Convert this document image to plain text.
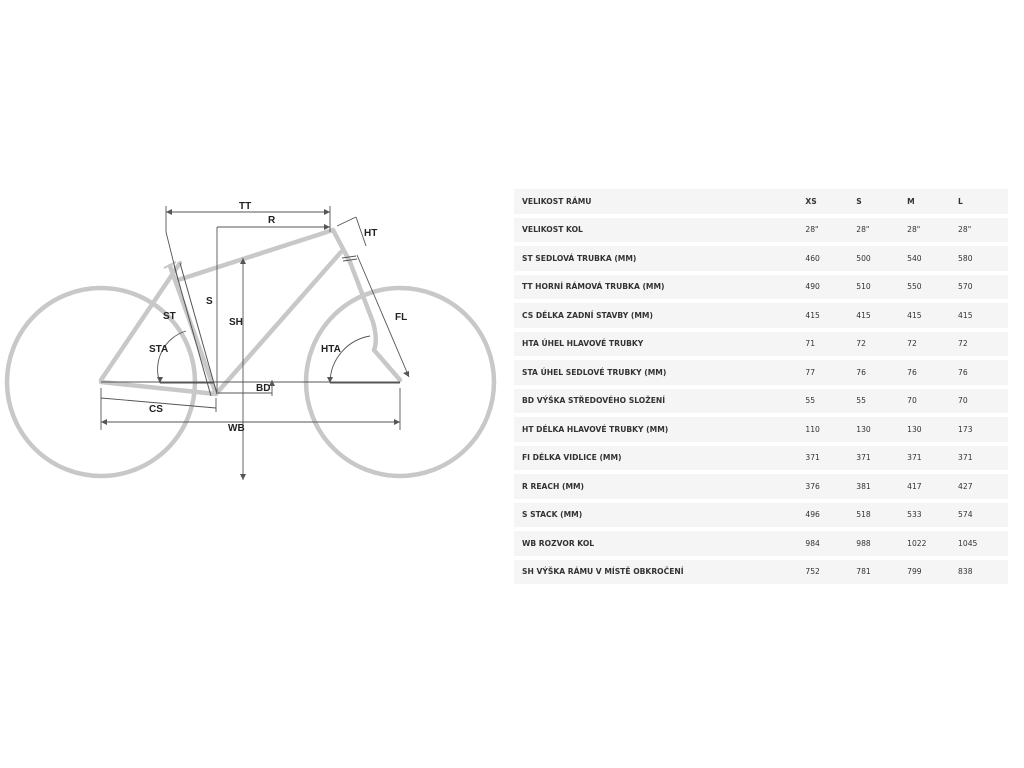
TT
R
HT
ST
S
SH
STA	HTA
FL
BD
CS
WB
VELIKOST RÁMU	XS	S	M	L
VELIKOST KOL	28"	28"	28"	28"
ST SEDLOVÁ TRUBKA (MM)	460	500	540	580
TT HORNÍ RÁMOVÁ TRUBKA (MM)	490	510	550	570
CS DÉLKA ZADNÍ STAVBY (MM)	415	415	415	415
HTA ÚHEL HLAVOVÉ TRUBKY	71	72	72	72
STA ÚHEL SEDLOVÉ TRUBKY (MM)	77	76	76	76
BD VÝŠKA STŘEDOVÉHO SLOŽENÍ	55	55	70	70
HT DÉLKA HLAVOVÉ TRUBKY (MM)	110	130	130	173
FI DÉLKA VIDLICE (MM)	371	371	371	371
R REACH (MM)	376	381	417	427
S STACK (MM)	496	518	533	574
WB ROZVOR KOL	984	988	1022	1045
SH VÝŠKA RÁMU V MÍSTĚ OBKROČENÍ	752	781	799	838
